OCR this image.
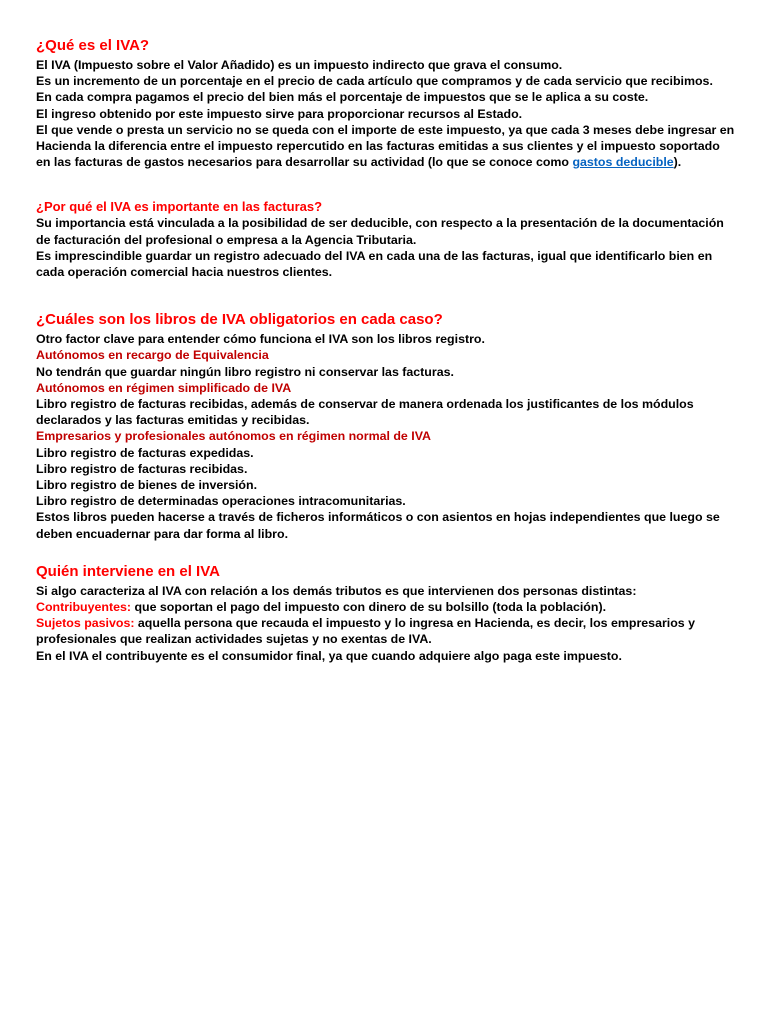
¿Qué es el IVA?

El IVA (Impuesto sobre el Valor Añadido) es un impuesto indirecto que grava el consumo.

Es un incremento de un porcentaje en el precio de cada artículo que compramos y de cada servicio que recibimos.

En cada compra pagamos el precio del bien más el porcentaje de impuestos que se le aplica a su coste.

El ingreso obtenido por este impuesto sirve para proporcionar recursos al Estado.

El que vende o presta un servicio no se queda con el importe de este impuesto, ya que cada 3 meses debe ingresar en Hacienda la diferencia entre el impuesto repercutido en las facturas emitidas a sus clientes y el impuesto soportado en las facturas de gastos necesarios para desarrollar su actividad (lo que se conoce como gastos deducible).

¿Por qué el IVA es importante en las facturas?

Su importancia está vinculada a la posibilidad de ser deducible, con respecto a la presentación de la documentación de facturación del profesional o empresa a la Agencia Tributaria.

Es imprescindible guardar un registro adecuado del IVA en cada una de las facturas, igual que identificarlo bien en cada operación comercial hacia nuestros clientes.

¿Cuáles son los libros de IVA obligatorios en cada caso?

Otro factor clave para entender cómo funciona el IVA son los libros registro.

Autónomos en recargo de Equivalencia

No tendrán que guardar ningún libro registro ni conservar las facturas.

Autónomos en régimen simplificado de IVA

Libro registro de facturas recibidas, además de conservar de manera ordenada los justificantes de los módulos declarados y las facturas emitidas y recibidas.

Empresarios y profesionales autónomos en régimen normal de IVA

Libro registro de facturas expedidas.

Libro registro de facturas recibidas.

Libro registro de bienes de inversión.

Libro registro de determinadas operaciones intracomunitarias.

Estos libros pueden hacerse a través de ficheros informáticos o con asientos en hojas independientes que luego se deben encuadernar para dar forma al libro.

Quién interviene en el IVA

Si algo caracteriza al IVA con relación a los demás tributos es que intervienen dos personas distintas:

Contribuyentes: que soportan el pago del impuesto con dinero de su bolsillo (toda la población).

Sujetos pasivos: aquella persona que recauda el impuesto y lo ingresa en Hacienda, es decir, los empresarios y profesionales que realizan actividades sujetas y no exentas de IVA.

En el IVA el contribuyente es el consumidor final, ya que cuando adquiere algo paga este impuesto.
